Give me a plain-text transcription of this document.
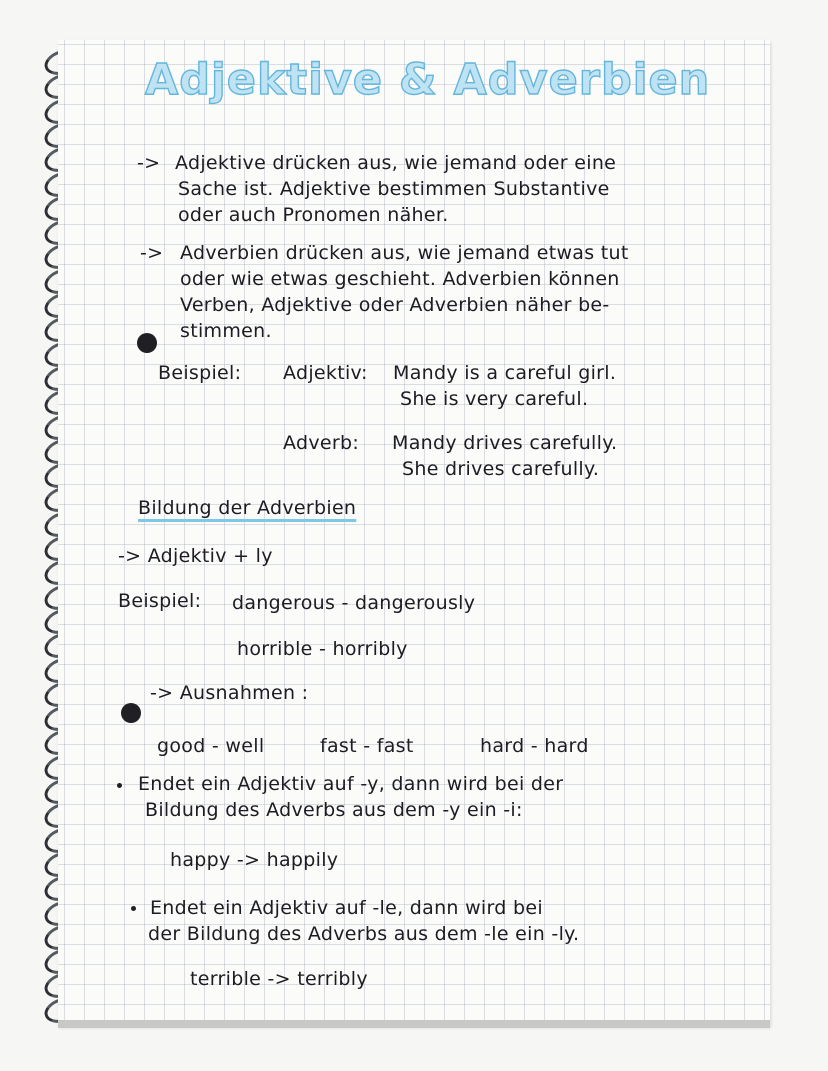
Adjektive & Adverbien
-> Adjektive drücken aus, wie jemand oder eine
Sache ist. Adjektive bestimmen Substantive
oder auch Pronomen näher.
-> Adverbien drücken aus, wie jemand etwas tut
oder wie etwas geschieht. Adverbien können
Verben, Adjektive oder Adverbien näher be-
stimmen.
Beispiel: Adjektiv: Mandy is a careful girl.
She is very careful.
Adverb: Mandy drives carefully.
She drives carefully.
Bildung der Adverbien
-> Adjektiv + ly
Beispiel: dangerous - dangerously
horrible - horribly
-> Ausnahmen :
good - well	fast - fast	hard - hard
Endet ein Adjektiv auf -y, dann wird bei der
Bildung des Adverbs aus dem -y ein -i:
happy -> happily
Endet ein Adjektiv auf -le, dann wird bei
der Bildung des Adverbs aus dem -le ein -ly.
terrible -> terribly
